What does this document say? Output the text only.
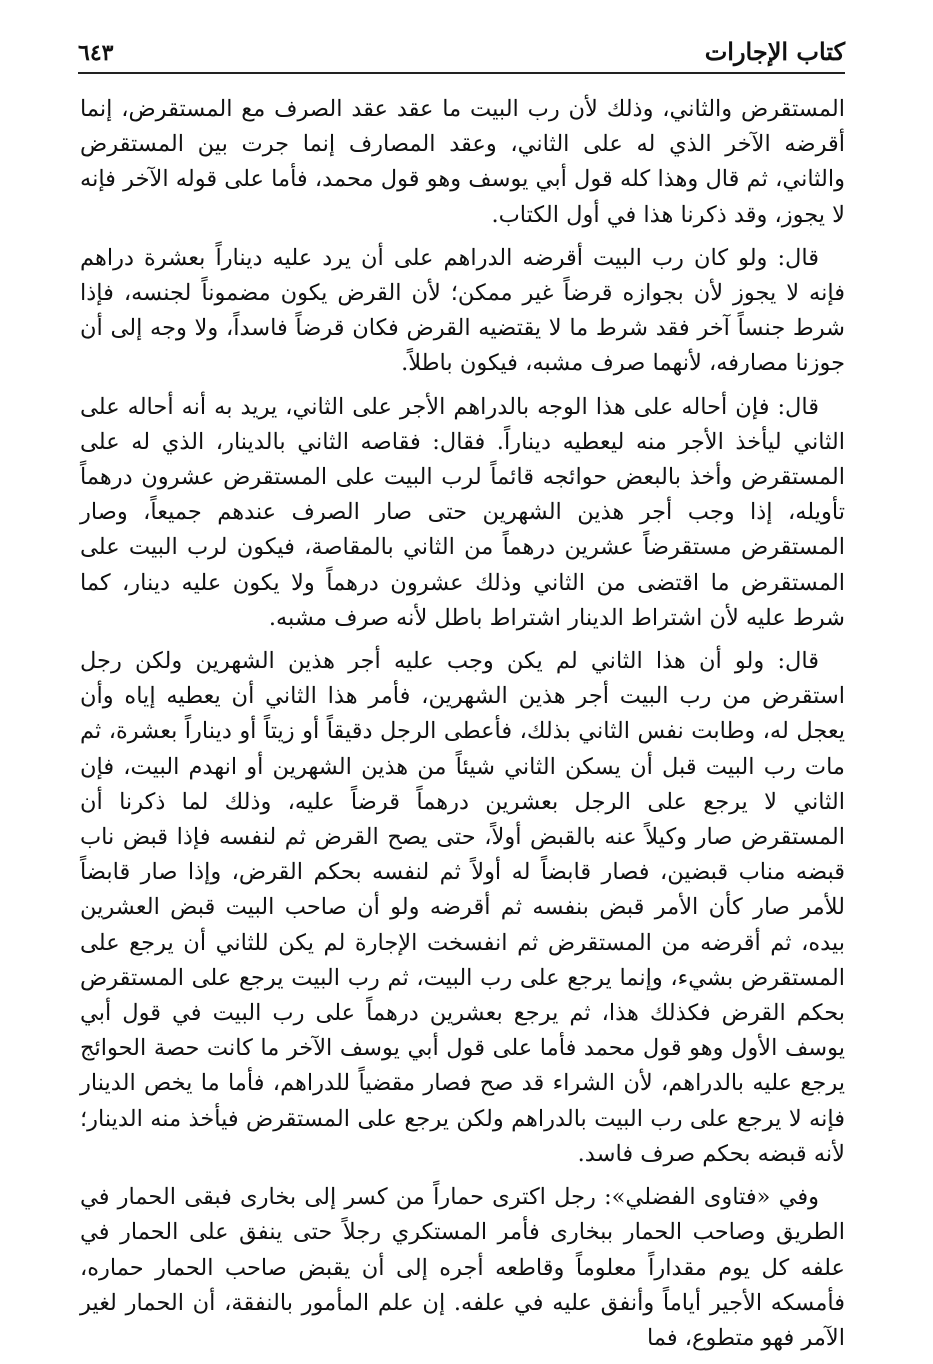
كتاب الإجارات
٦٤٣

المستقرض والثاني، وذلك لأن رب البيت ما عقد عقد الصرف مع المستقرض، إنما أقرضه الآخر الذي له على الثاني، وعقد المصارف إنما جرت بين المستقرض والثاني، ثم قال وهذا كله قول أبي يوسف وهو قول محمد، فأما على قوله الآخر فإنه لا يجوز، وقد ذكرنا هذا في أول الكتاب.

قال: ولو كان رب البيت أقرضه الدراهم على أن يرد عليه ديناراً بعشرة دراهم فإنه لا يجوز لأن بجوازه قرضاً غير ممكن؛ لأن القرض يكون مضموناً لجنسه، فإذا شرط جنساً آخر فقد شرط ما لا يقتضيه القرض فكان قرضاً فاسداً، ولا وجه إلى أن جوزنا مصارفه، لأنهما صرف مشبه، فيكون باطلاً.

قال: فإن أحاله على هذا الوجه بالدراهم الأجر على الثاني، يريد به أنه أحاله على الثاني ليأخذ الأجر منه ليعطيه ديناراً. فقال: فقاصه الثاني بالدينار، الذي له على المستقرض وأخذ بالبعض حوائجه قائماً لرب البيت على المستقرض عشرون درهماً تأويله، إذا وجب أجر هذين الشهرين حتى صار الصرف عندهم جميعاً، وصار المستقرض مستقرضاً عشرين درهماً من الثاني بالمقاصة، فيكون لرب البيت على المستقرض ما اقتضى من الثاني وذلك عشرون درهماً ولا يكون عليه دينار، كما شرط عليه لأن اشتراط الدينار اشتراط باطل لأنه صرف مشبه.

قال: ولو أن هذا الثاني لم يكن وجب عليه أجر هذين الشهرين ولكن رجل استقرض من رب البيت أجر هذين الشهرين، فأمر هذا الثاني أن يعطيه إياه وأن يعجل له، وطابت نفس الثاني بذلك، فأعطى الرجل دقيقاً أو زيتاً أو ديناراً بعشرة، ثم مات رب البيت قبل أن يسكن الثاني شيئاً من هذين الشهرين أو انهدم البيت، فإن الثاني لا يرجع على الرجل بعشرين درهماً قرضاً عليه، وذلك لما ذكرنا أن المستقرض صار وكيلاً عنه بالقبض أولاً، حتى يصح القرض ثم لنفسه فإذا قبض ناب قبضه مناب قبضين، فصار قابضاً له أولاً ثم لنفسه بحكم القرض، وإذا صار قابضاً للأمر صار كأن الأمر قبض بنفسه ثم أقرضه ولو أن صاحب البيت قبض العشرين بيده، ثم أقرضه من المستقرض ثم انفسخت الإجارة لم يكن للثاني أن يرجع على المستقرض بشيء، وإنما يرجع على رب البيت، ثم رب البيت يرجع على المستقرض بحكم القرض فكذلك هذا، ثم يرجع بعشرين درهماً على رب البيت في قول أبي يوسف الأول وهو قول محمد فأما على قول أبي يوسف الآخر ما كانت حصة الحوائج يرجع عليه بالدراهم، لأن الشراء قد صح فصار مقضياً للدراهم، فأما ما يخص الدينار فإنه لا يرجع على رب البيت بالدراهم ولكن يرجع على المستقرض فيأخذ منه الدينار؛ لأنه قبضه بحكم صرف فاسد.

وفي «فتاوى الفضلي»: رجل اكترى حماراً من كسر إلى بخارى فبقى الحمار في الطريق وصاحب الحمار ببخارى فأمر المستكري رجلاً حتى ينفق على الحمار في علفه كل يوم مقداراً معلوماً وقاطعه أجره إلى أن يقبض صاحب الحمار حماره، فأمسكه الأجير أياماً وأنفق عليه في علفه. إن علم المأمور بالنفقة، أن الحمار لغير الآمر فهو متطوع، فما
